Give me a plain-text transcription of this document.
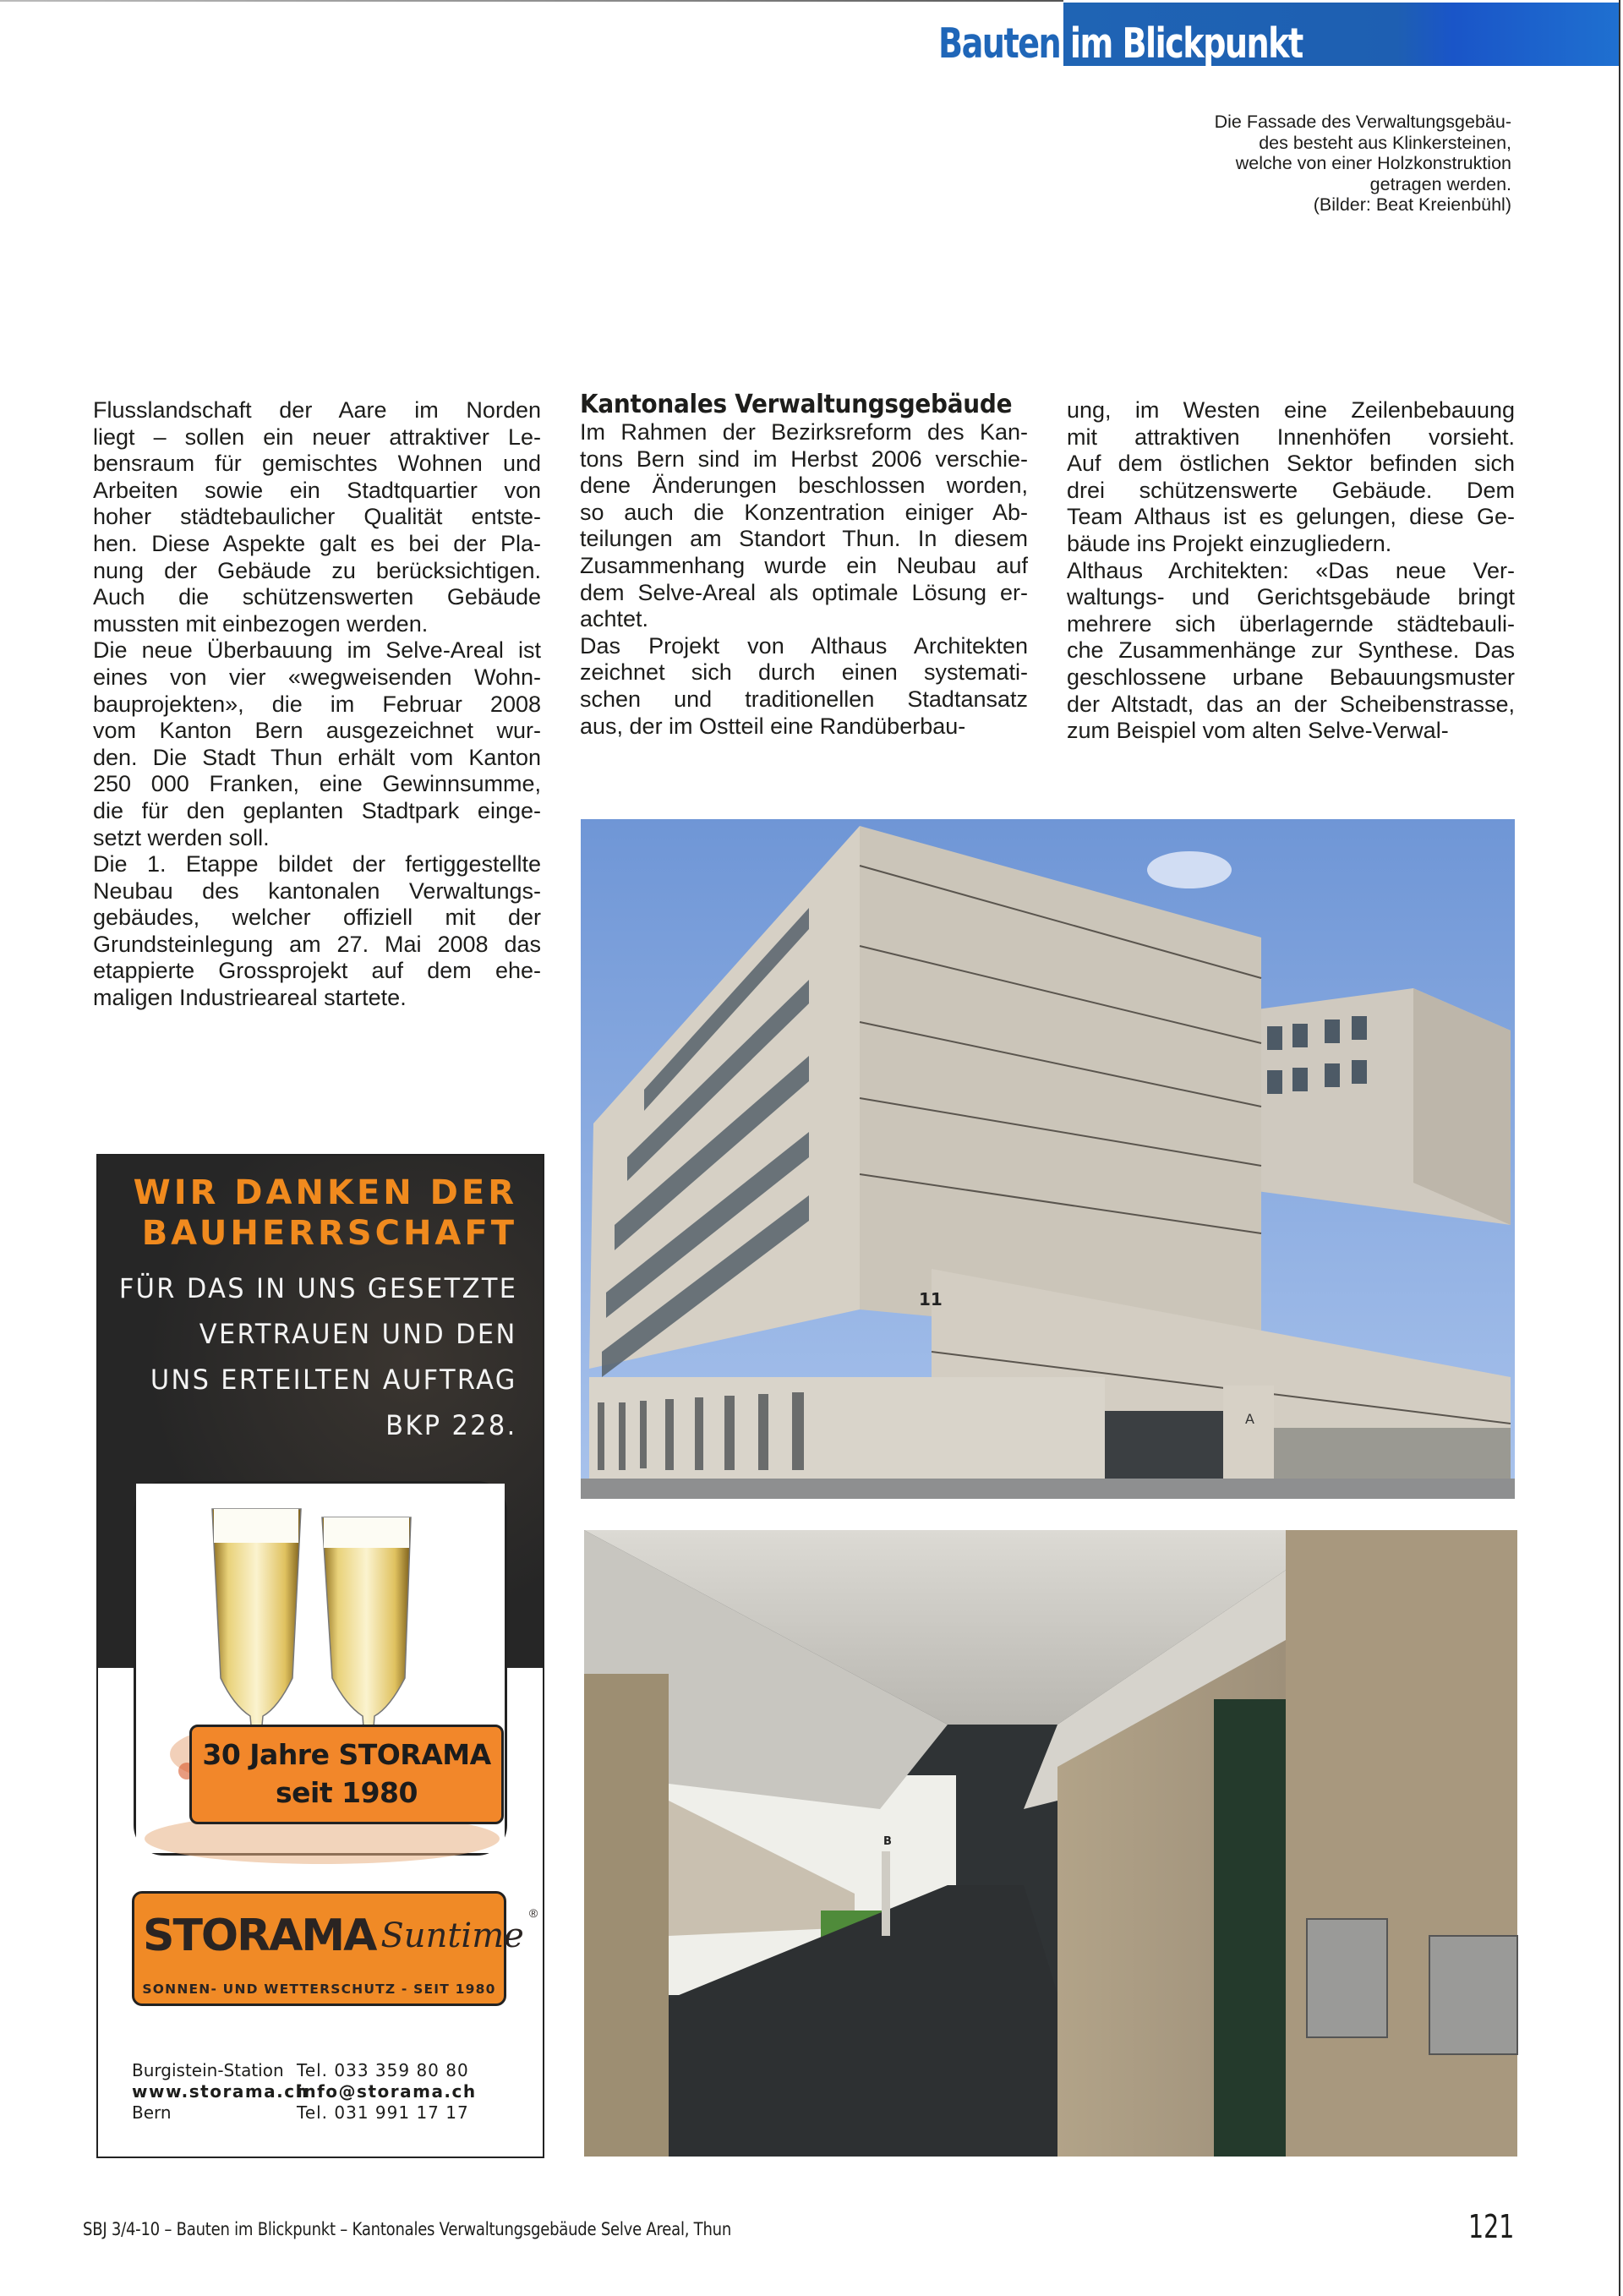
Bauten im Blickpunkt
Die Fassade des Verwaltungsgebäu-
des besteht aus Klinkersteinen,
welche von einer Holzkonstruktion
getragen werden.
(Bilder: Beat Kreienbühl)
Flusslandschaft der Aare im Norden
liegt – sollen ein neuer attraktiver Le-
bensraum für gemischtes Wohnen und
Arbeiten sowie ein Stadtquartier von
hoher städtebaulicher Qualität entste-
hen. Diese Aspekte galt es bei der Pla-
nung der Gebäude zu berücksichtigen.
Auch die schützenswerten Gebäude
mussten mit einbezogen werden.
Die neue Überbauung im Selve-Areal ist
eines von vier «wegweisenden Wohn-
bauprojekten», die im Februar 2008
vom Kanton Bern ausgezeichnet wur-
den. Die Stadt Thun erhält vom Kanton
250 000 Franken, eine Gewinnsumme,
die für den geplanten Stadtpark einge-
setzt werden soll.
Die 1. Etappe bildet der fertiggestellte
Neubau des kantonalen Verwaltungs-
gebäudes, welcher offiziell mit der
Grundsteinlegung am 27. Mai 2008 das
etappierte Grossprojekt auf dem ehe-
maligen Industrieareal startete.
Kantonales Verwaltungsgebäude
Im Rahmen der Bezirksreform des Kan-
tons Bern sind im Herbst 2006 verschie-
dene Änderungen beschlossen worden,
so auch die Konzentration einiger Ab-
teilungen am Standort Thun. In diesem
Zusammenhang wurde ein Neubau auf
dem Selve-Areal als optimale Lösung er-
achtet.
Das Projekt von Althaus Architekten
zeichnet sich durch einen systemati-
schen und traditionellen Stadtansatz
aus, der im Ostteil eine Randüberbau-
ung, im Westen eine Zeilenbebauung
mit attraktiven Innenhöfen vorsieht.
Auf dem östlichen Sektor befinden sich
drei schützenswerte Gebäude. Dem
Team Althaus ist es gelungen, diese Ge-
bäude ins Projekt einzugliedern.
Althaus Architekten: «Das neue Ver-
waltungs- und Gerichtsgebäude bringt
mehrere sich überlagernde städtebauli-
che Zusammenhänge zur Synthese. Das
geschlossene urbane Bebauungsmuster
der Altstadt, das an der Scheibenstrasse,
zum Beispiel vom alten Selve-Verwal-
WIR DANKEN DER
BAUHERRSCHAFT
FÜR DAS IN UNS GESETZTE
VERTRAUEN UND DEN
UNS ERTEILTEN AUFTRAG
BKP 228.
30 Jahre STORAMA
seit 1980
STORAMA Suntime
®
SONNEN- UND WETTERSCHUTZ - SEIT 1980
Burgistein-Station Tel. 033 359 80 80
www.storama.ch
info@storama.ch
Bern	Tel. 031 991 17 17
11
A
B
SBJ 3/4-10 – Bauten im Blickpunkt – Kantonales Verwaltungsgebäude Selve Areal, Thun	121
